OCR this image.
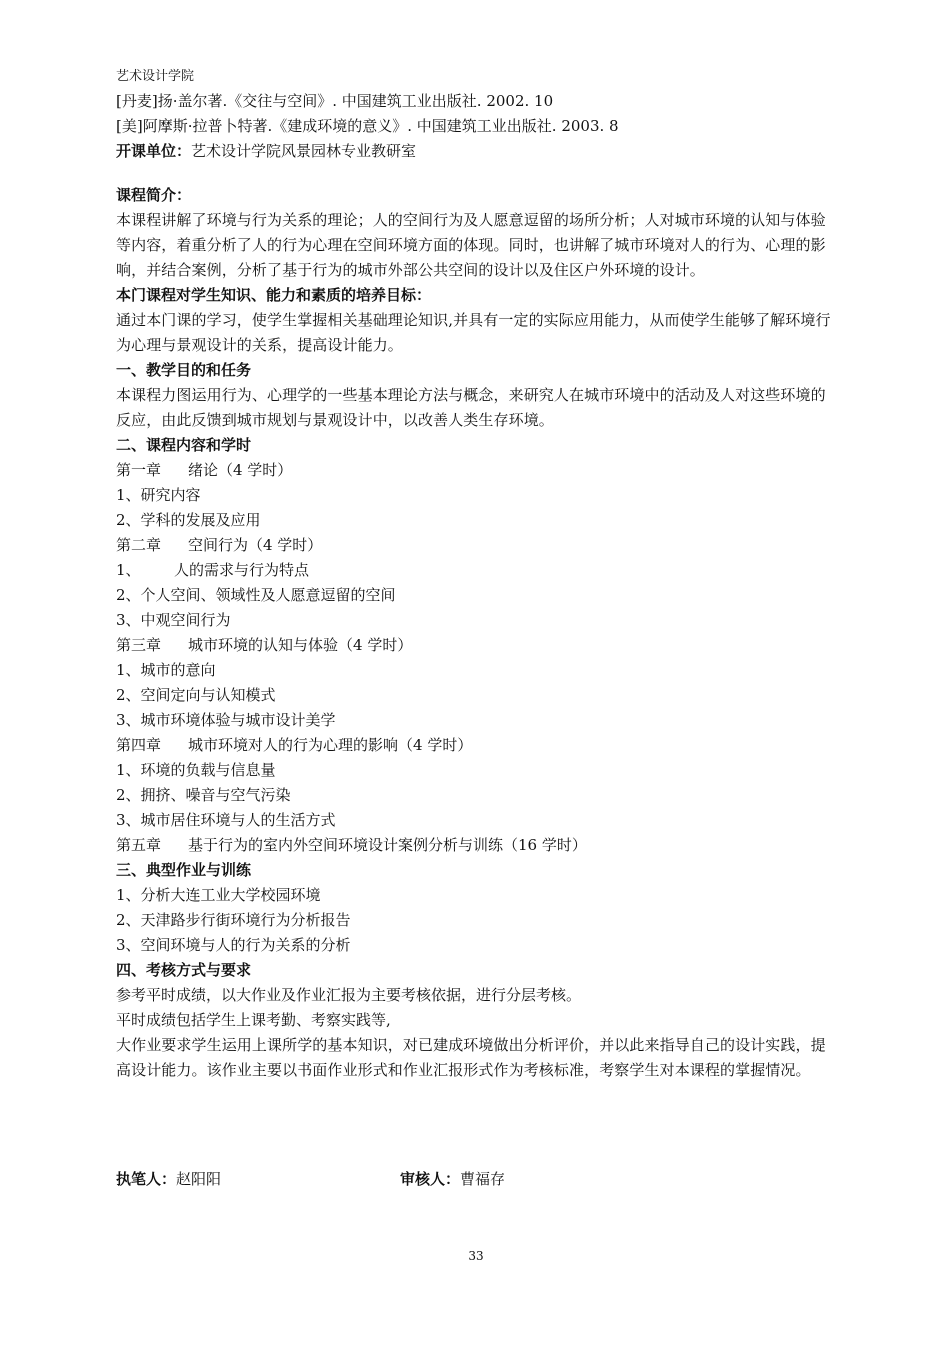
艺术设计学院
[丹麦]扬·盖尔著.《交往与空间》. 中国建筑工业出版社. 2002. 10
[美]阿摩斯·拉普卜特著.《建成环境的意义》. 中国建筑工业出版社. 2003. 8
开课单位：艺术设计学院风景园林专业教研室
课程简介：
本课程讲解了环境与行为关系的理论；人的空间行为及人愿意逗留的场所分析；人对城市环境的认知与体验等内容，着重分析了人的行为心理在空间环境方面的体现。同时，也讲解了城市环境对人的行为、心理的影响，并结合案例，分析了基于行为的城市外部公共空间的设计以及住区户外环境的设计。
本门课程对学生知识、能力和素质的培养目标：
通过本门课的学习，使学生掌握相关基础理论知识,并具有一定的实际应用能力，从而使学生能够了解环境行为心理与景观设计的关系，提高设计能力。
一、教学目的和任务
本课程力图运用行为、心理学的一些基本理论方法与概念，来研究人在城市环境中的活动及人对这些环境的反应，由此反馈到城市规划与景观设计中，以改善人类生存环境。
二、课程内容和学时
第一章 绪论（4 学时）
1、研究内容
2、学科的发展及应用
第二章 空间行为（4 学时）
1、 人的需求与行为特点
2、个人空间、领域性及人愿意逗留的空间
3、中观空间行为
第三章 城市环境的认知与体验（4 学时）
1、城市的意向
2、空间定向与认知模式
3、城市环境体验与城市设计美学
第四章 城市环境对人的行为心理的影响（4 学时）
1、环境的负载与信息量
2、拥挤、噪音与空气污染
3、城市居住环境与人的生活方式
第五章 基于行为的室内外空间环境设计案例分析与训练（16 学时）
三、典型作业与训练
1、分析大连工业大学校园环境
2、天津路步行街环境行为分析报告
3、空间环境与人的行为关系的分析
四、考核方式与要求
参考平时成绩，以大作业及作业汇报为主要考核依据，进行分层考核。
平时成绩包括学生上课考勤、考察实践等,
大作业要求学生运用上课所学的基本知识，对已建成环境做出分析评价，并以此来指导自己的设计实践，提高设计能力。该作业主要以书面作业形式和作业汇报形式作为考核标准，考察学生对本课程的掌握情况。
执笔人：赵阳阳	审核人：曹福存
33
